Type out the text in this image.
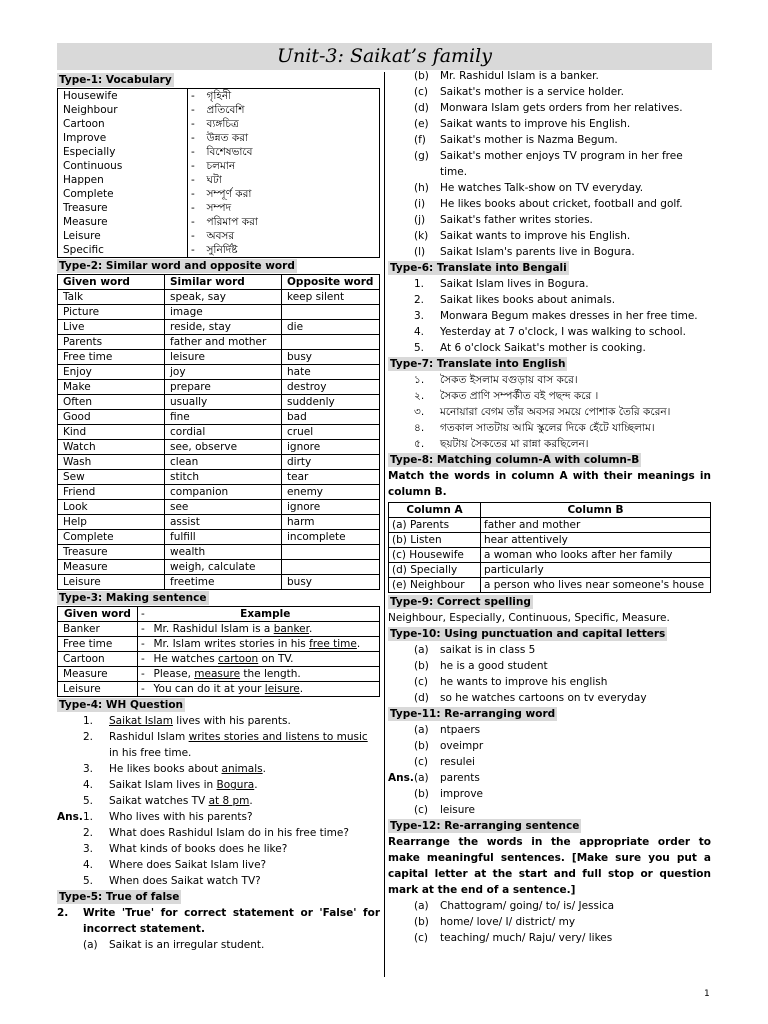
Unit-3: Saikat’s family
Type-1: Vocabulary
Housewife	-	গৃহিনী
Neighbour	-	প্রতিবেশি
Cartoon	-	ব্যঙ্গচিত্র
Improve	-	উন্নত করা
Especially	-	বিশেষভাবে
Continuous	-	চলমান
Happen	-	ঘটা
Complete	-	সম্পূর্ণ করা
Treasure	-	সম্পদ
Measure	-	পরিমাপ করা
Leisure	-	অবসর
Specific	-	সুনির্দিষ্ট
Type-2: Similar word and opposite word
Given word	Similar word	Opposite word
Talk	speak, say	keep silent
Picture	image	
Live	reside, stay	die
Parents	father and mother	
Free time	leisure	busy
Enjoy	joy	hate
Make	prepare	destroy
Often	usually	suddenly
Good	fine	bad
Kind	cordial	cruel
Watch	see, observe	ignore
Wash	clean	dirty
Sew	stitch	tear
Friend	companion	enemy
Look	see	ignore
Help	assist	harm
Complete	fulfill	incomplete
Treasure	wealth	
Measure	weigh, calculate	
Leisure	freetime	busy
Type-3: Making sentence
Given word	-	Example
Banker	-	Mr. Rashidul Islam is a banker.
Free time	-	Mr. Islam writes stories in his free time.
Cartoon	-	He watches cartoon on TV.
Measure	-	Please, measure the length.
Leisure	-	You can do it at your leisure.
Type-4: WH Question
1.	Saikat Islam lives with his parents.
2.	Rashidul Islam writes stories and listens to music in his free time.
3.	He likes books about animals.
4.	Saikat Islam lives in Bogura.
5.	Saikat watches TV at 8 pm.
Ans. 1.	Who lives with his parents?
2.	What does Rashidul Islam do in his free time?
3.	What kinds of books does he like?
4.	Where does Saikat Islam live?
5.	When does Saikat watch TV?
Type-5: True of false
2.	Write 'True' for correct statement or 'False' for incorrect statement.
(a)	Saikat is an irregular student.
(b)	Mr. Rashidul Islam is a banker.
(c)	Saikat's mother is a service holder.
(d)	Monwara Islam gets orders from her relatives.
(e)	Saikat wants to improve his English.
(f)	Saikat's mother is Nazma Begum.
(g)	Saikat's mother enjoys TV program in her free time.
(h)	He watches Talk-show on TV everyday.
(i)	He likes books about cricket, football and golf.
(j)	Saikat's father writes stories.
(k)	Saikat wants to improve his English.
(l)	Saikat Islam's parents live in Bogura.
Type-6: Translate into Bengali
1.	Saikat Islam lives in Bogura.
2.	Saikat likes books about animals.
3.	Monwara Begum makes dresses in her free time.
4.	Yesterday at 7 o'clock, I was walking to school.
5.	At 6 o'clock Saikat's mother is cooking.
Type-7: Translate into English
১.	সৈকত ইসলাম বগুড়ায় বাস করে।
২.	সৈকত প্রাণি সম্পর্কীত বই পছন্দ করে ।
৩.	মনোয়ারা বেগম তাঁর অবসর সময়ে পোশাক তৈরি করেন।
৪.	গতকাল সাতটায় আমি স্কুলের দিকে হেঁটে যাচ্ছিলাম।
৫.	ছয়টায় সৈকতের মা রান্না করছিলেন।
Type-8: Matching column-A with column-B
Match the words in column A with their meanings in column B.
Column A	Column B
(a) Parents	father and mother
(b) Listen	hear attentively
(c) Housewife	a woman who looks after her family
(d) Specially	particularly
(e) Neighbour	a person who lives near someone's house
Type-9: Correct spelling
Neighbour, Especially, Continuous, Specific, Measure.
Type-10: Using punctuation and capital letters
(a)	saikat is in class 5
(b)	he is a good student
(c)	he wants to improve his english
(d)	so he watches cartoons on tv everyday
Type-11: Re-arranging word
(a)	ntpaers
(b)	oveimpr
(c)	resulei
Ans. (a)	parents
(b)	improve
(c)	leisure
Type-12: Re-arranging sentence
Rearrange the words in the appropriate order to make meaningful sentences. [Make sure you put a capital letter at the start and full stop or question mark at the end of a sentence.]
(a)	Chattogram/ going/ to/ is/ Jessica
(b)	home/ love/ I/ district/ my
(c)	teaching/ much/ Raju/ very/ likes
1
